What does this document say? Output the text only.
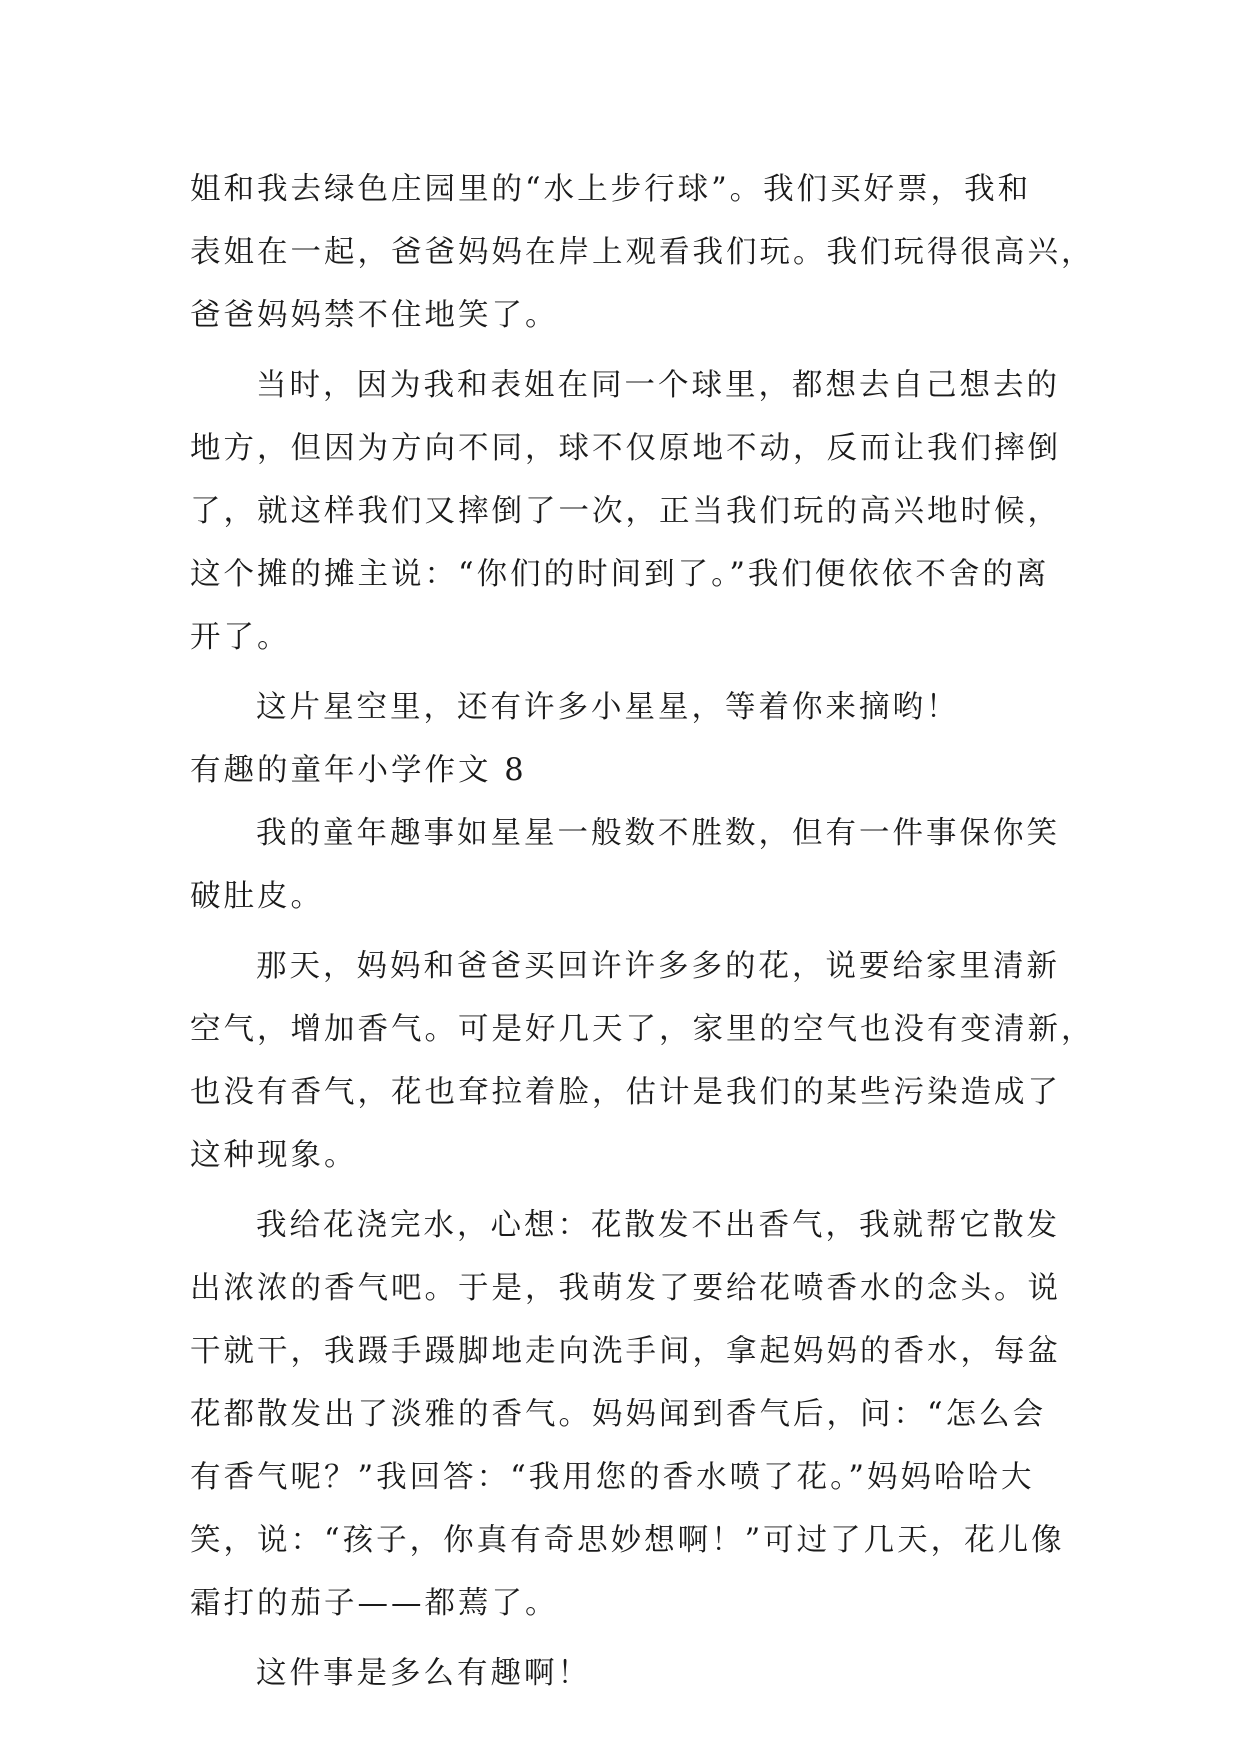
姐和我去绿色庄园里的“水上步行球”。我们买好票，我和
表姐在一起，爸爸妈妈在岸上观看我们玩。我们玩得很高兴，
爸爸妈妈禁不住地笑了。
当时，因为我和表姐在同一个球里，都想去自己想去的
地方，但因为方向不同，球不仅原地不动，反而让我们摔倒
了，就这样我们又摔倒了一次，正当我们玩的高兴地时候，
这个摊的摊主说：“你们的时间到了。”我们便依依不舍的离
开了。
这片星空里，还有许多小星星，等着你来摘哟！
有趣的童年小学作文 8
我的童年趣事如星星一般数不胜数，但有一件事保你笑
破肚皮。
那天，妈妈和爸爸买回许许多多的花，说要给家里清新
空气，增加香气。可是好几天了，家里的空气也没有变清新，
也没有香气，花也耷拉着脸，估计是我们的某些污染造成了
这种现象。
我给花浇完水，心想：花散发不出香气，我就帮它散发
出浓浓的香气吧。于是，我萌发了要给花喷香水的念头。说
干就干，我蹑手蹑脚地走向洗手间，拿起妈妈的香水，每盆
花都散发出了淡雅的香气。妈妈闻到香气后，问：“怎么会
有香气呢？”我回答：“我用您的香水喷了花。”妈妈哈哈大
笑，说：“孩子，你真有奇思妙想啊！”可过了几天，花儿像
霜打的茄子——都蔫了。
这件事是多么有趣啊！
